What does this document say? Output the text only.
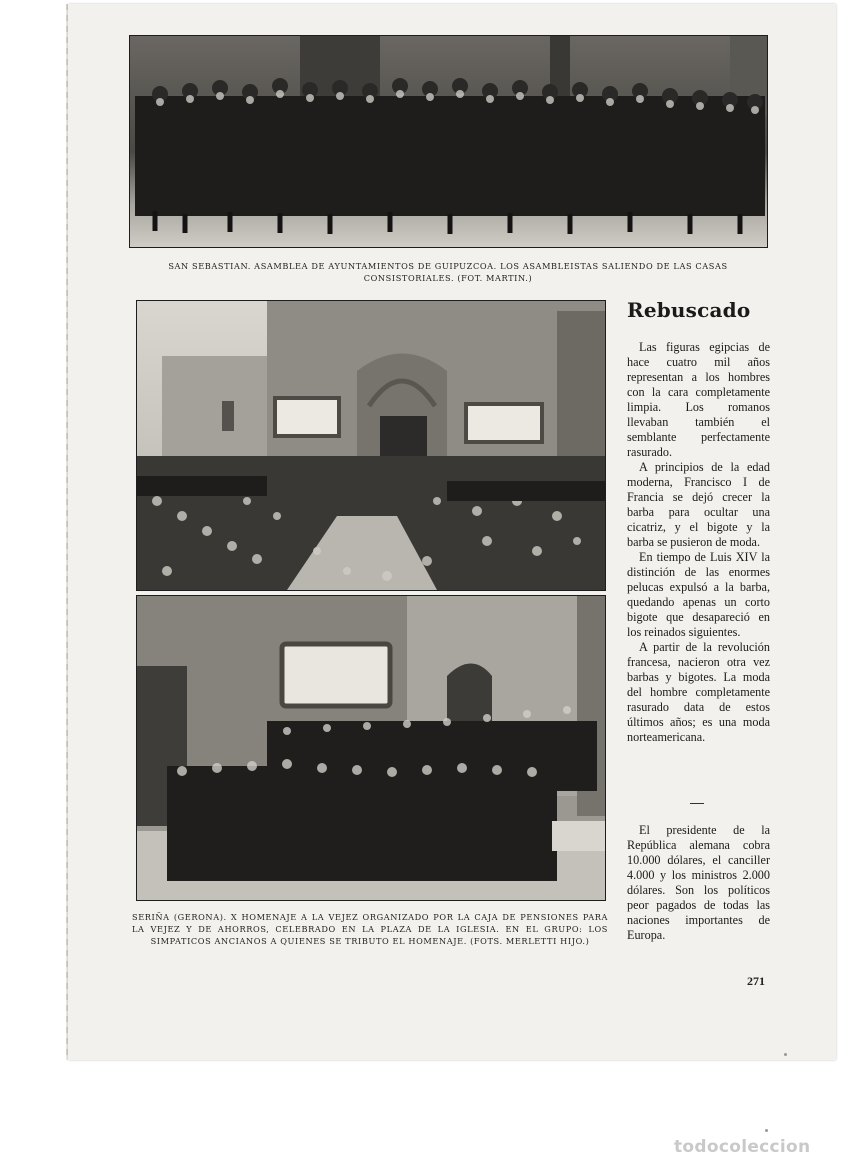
SAN SEBASTIAN. ASAMBLEA DE AYUNTAMIENTOS DE GUIPUZCOA. LOS ASAMBLEISTAS SALIENDO DE LAS CASAS CONSISTORIALES. (FOT. MARTIN.)
SERIÑA (GERONA). X HOMENAJE A LA VEJEZ ORGANIZADO POR LA CAJA DE PENSIONES PARA LA VEJEZ Y DE AHORROS, CELEBRADO EN LA PLAZA DE LA IGLESIA. EN EL GRUPO: LOS SIMPATICOS ANCIANOS A QUIENES SE TRIBUTO EL HOMENAJE. (FOTS. MERLETTI HIJO.)
Rebuscado

Las figuras egipcias de hace cuatro mil años representan a los hombres con la cara completamente limpia. Los romanos llevaban también el semblante perfectamente rasurado.

A principios de la edad moderna, Francisco I de Francia se dejó crecer la barba para ocultar una cicatriz, y el bigote y la barba se pusieron de moda.

En tiempo de Luis XIV la distinción de las enormes pelucas expulsó a la barba, quedando apenas un corto bigote que desapareció en los reinados siguientes.

A partir de la revolución francesa, nacieron otra vez barbas y bigotes. La moda del hombre completamente rasurado data de estos últimos años; es una moda norteamericana.

El presidente de la República alemana cobra 10.000 dólares, el canciller 4.000 y los ministros 2.000 dólares. Son los políticos peor pagados de todas las naciones importantes de Europa.

271
todocoleccion
